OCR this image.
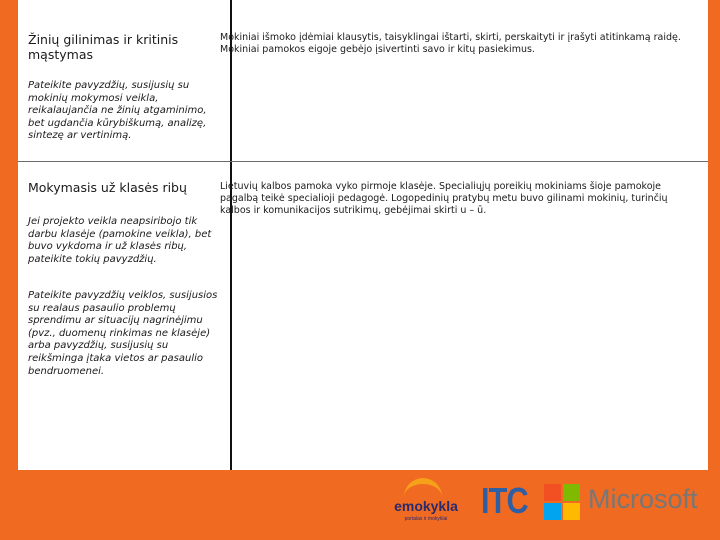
Žinių gilinimas ir kritinis mąstymas
Pateikite pavyzdžių, susijusių su mokinių mokymosi veikla, reikalaujančia ne žinių atgaminimo, bet ugdančia kūrybiškumą, analizę, sintezę ar vertinimą.
Mokiniai išmoko įdėmiai klausytis, taisyklingai ištarti, skirti, perskaityti ir įrašyti atitinkamą raidę. Mokiniai pamokos eigoje gebėjo įsivertinti savo ir kitų pasiekimus.
Mokymasis už klasės ribų
Jei projekto veikla neapsiribojo tik darbu klasėje (pamokine veikla), bet buvo vykdoma ir už klasės ribų, pateikite tokių pavyzdžių.
Pateikite pavyzdžių veiklos, susijusios su realaus pasaulio problemų sprendimu ar situacijų nagrinėjimu (pvz., duomenų rinkimas ne klasėje) arba pavyzdžių, susijusių su reikšminga įtaka vietos ar pasaulio bendruomenei.
Lietuvių kalbos pamoka vyko pirmoje klasėje. Specialiųjų poreikių mokiniams šioje pamokoje pagalbą teikė specialioji pedagogė. Logopedinių pratybų metu buvo gilinami mokinių, turinčių kalbos ir komunikacijos sutrikimų, gebėjimai skirti u – ū.
emokykla
portalas ir mokyklai ITC Microsoft
